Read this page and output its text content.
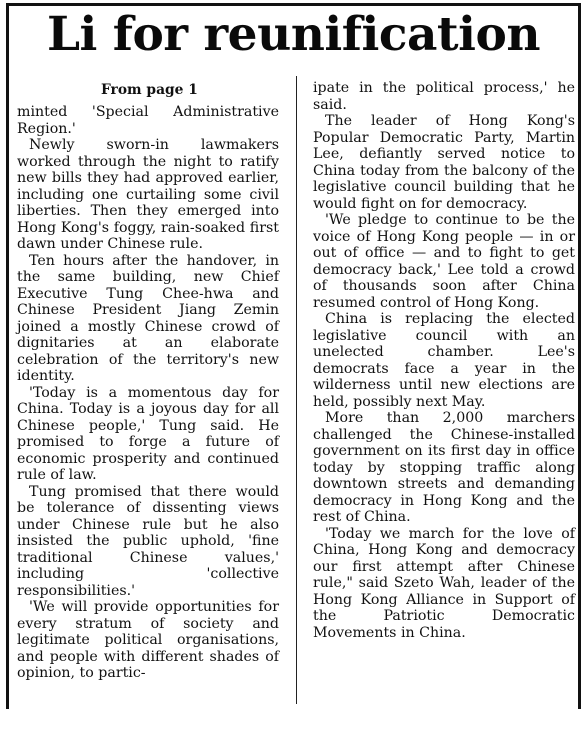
Li for reunification
From page 1

minted 'Special Administrative Region.'

Newly sworn-in lawmakers worked through the night to ratify new bills they had approved earlier, including one curtailing some civil liberties. Then they emerged into Hong Kong's foggy, rain-soaked first dawn under Chinese rule.

Ten hours after the handover, in the same building, new Chief Executive Tung Chee-hwa and Chinese President Jiang Zemin joined a mostly Chinese crowd of dignitaries at an elaborate celebration of the territory's new identity.

'Today is a momentous day for China. Today is a joyous day for all Chinese people,' Tung said. He promised to forge a future of economic prosperity and continued rule of law.

Tung promised that there would be tolerance of dissenting views under Chinese rule but he also insisted the public uphold, 'fine traditional Chinese values,' including 'collective responsibilities.'

'We will provide opportunities for every stratum of society and legitimate political organisations, and people with different shades of opinion, to partic-

ipate in the political process,' he said.

The leader of Hong Kong's Popular Democratic Party, Martin Lee, defiantly served notice to China today from the balcony of the legislative council building that he would fight on for democracy.

'We pledge to continue to be the voice of Hong Kong people — in or out of office — and to fight to get democracy back,' Lee told a crowd of thousands soon after China resumed control of Hong Kong.

China is replacing the elected legislative council with an unelected chamber. Lee's democrats face a year in the wilderness until new elections are held, possibly next May.

More than 2,000 marchers challenged the Chinese-installed government on its first day in office today by stopping traffic along downtown streets and demanding democracy in Hong Kong and the rest of China.

'Today we march for the love of China, Hong Kong and democracy our first attempt after Chinese rule," said Szeto Wah, leader of the Hong Kong Alliance in Support of the Patriotic Democratic Movements in China.
